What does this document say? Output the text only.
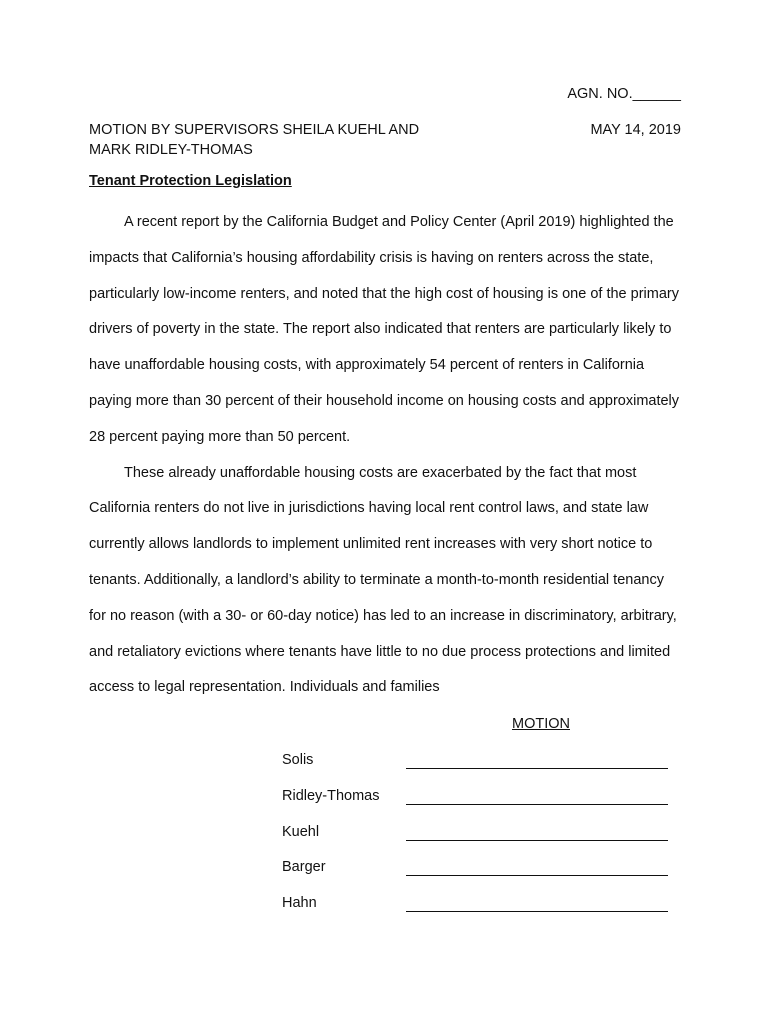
AGN. NO.______
MOTION BY SUPERVISORS SHEILA KUEHL AND
MARK RIDLEY-THOMAS
MAY 14, 2019
Tenant Protection Legislation

A recent report by the California Budget and Policy Center (April 2019) highlighted the impacts that California’s housing affordability crisis is having on renters across the state, particularly low-income renters, and noted that the high cost of housing is one of the primary drivers of poverty in the state. The report also indicated that renters are particularly likely to have unaffordable housing costs, with approximately 54 percent of renters in California paying more than 30 percent of their household income on housing costs and approximately 28 percent paying more than 50 percent.

These already unaffordable housing costs are exacerbated by the fact that most California renters do not live in jurisdictions having local rent control laws, and state law currently allows landlords to implement unlimited rent increases with very short notice to tenants. Additionally, a landlord’s ability to terminate a month-to-month residential tenancy for no reason (with a 30- or 60-day notice) has led to an increase in discriminatory, arbitrary, and retaliatory evictions where tenants have little to no due process protections and limited access to legal representation. Individuals and families

MOTION
Solis
Ridley-Thomas
Kuehl
Barger
Hahn
